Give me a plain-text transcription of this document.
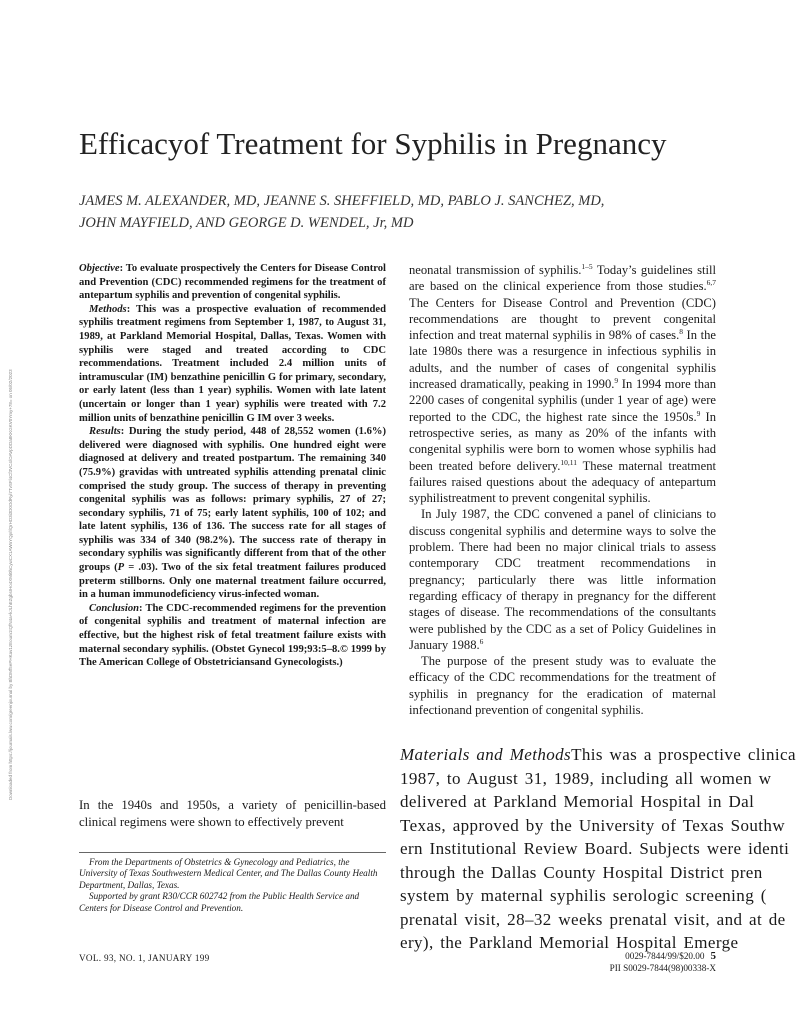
Efficacyof Treatment for Syphilis in Pregnancy
JAMES M. ALEXANDER, MD, JEANNE S. SHEFFIELD, MD, PABLO J. SANCHEZ, MD,
JOHN MAYFIELD, AND GEORGE D. WENDEL, Jr, MD
Downloaded from https://journals.lww.com/greenjournal by BhDMf5ePHKav1zEoum1tQfN4a+kJLhEZgbsIHo4XMi0hCywCX1AWnYQp/IlQrHD3i3D0OdRyi7TvSFl4Cf3VC4/OAVpDDa8KKGKV0Ymy+78= on 05/02/2023

Objective: To evaluate prospectively the Centers for Disease Control and Prevention (CDC) recommended regimens for the treatment of antepartum syphilis and prevention of congenital syphilis.

Methods: This was a prospective evaluation of recommended syphilis treatment regimens from September 1, 1987, to August 31, 1989, at Parkland Memorial Hospital, Dallas, Texas. Women with syphilis were staged and treated according to CDC recommendations. Treatment included 2.4 million units of intramuscular (IM) benzathine penicillin G for primary, secondary, or early latent (less than 1 year) syphilis. Women with late latent (uncertain or longer than 1 year) syphilis were treated with 7.2 million units of benzathine penicillin G IM over 3 weeks.

Results: During the study period, 448 of 28,552 women (1.6%) delivered were diagnosed with syphilis. One hundred eight were diagnosed at delivery and treated postpartum. The remaining 340 (75.9%) gravidas with untreated syphilis attending prenatal clinic comprised the study group. The success of therapy in preventing congenital syphilis was as follows: primary syphilis, 27 of 27; secondary syphilis, 71 of 75; early latent syphilis, 100 of 102; and late latent syphilis, 136 of 136. The success rate for all stages of syphilis was 334 of 340 (98.2%). The success rate of therapy in secondary syphilis was significantly different from that of the other groups (P = .03). Two of the six fetal treatment failures produced preterm stillborns. Only one maternal treatment failure occurred, in a human immunodeficiency virus-infected woman.

Conclusion: The CDC-recommended regimens for the prevention of congenital syphilis and treatment of maternal infection are effective, but the highest risk of fetal treatment failure exists with maternal secondary syphilis. (Obstet Gynecol 199;93:5–8.© 1999 by The American College of Obstetriciansand Gynecologists.)

In the 1940s and 1950s, a variety of penicillin-based clinical regimens were shown to effectively prevent

From the Departments of Obstetrics & Gynecology and Pediatrics, the University of Texas Southwestern Medical Center, and The Dallas County Health Department, Dallas, Texas.

Supported by grant R30/CCR 602742 from the Public Health Service and Centers for Disease Control and Prevention.

neonatal transmission of syphilis.$^{1-5}$ Today’s guidelines still are based on the clinical experience from those studies.$^{6,7}$ The Centers for Disease Control and Prevention (CDC) recommendations are thought to prevent congenital infection and treat maternal syphilis in 98% of cases.$^8$ In the late 1980s there was a resurgence in infectious syphilis in adults, and the number of cases of congenital syphilis increased dramatically, peaking in 1990.$^9$ In 1994 more than 2200 cases of congenital syphilis (under 1 year of age) were reported to the CDC, the highest rate since the 1950s.$^9$ In retrospective series, as many as 20% of the infants with congenital syphilis were born to women whose syphilis had been treated before delivery.$^{10,11}$ These maternal treatment failures raised questions about the adequacy of antepartum syphilistreatment to prevent congenital syphilis.

In July 1987, the CDC convened a panel of clinicians to discuss congenital syphilis and determine ways to solve the problem. There had been no major clinical trials to assess contemporary CDC treatment recommendations in pregnancy; particularly there was little information regarding efficacy of therapy in pregnancy for the different stages of disease. The recommendations of the consultants were published by the CDC as a set of Policy Guidelines in January 1988.$^6$

The purpose of the present study was to evaluate the efficacy of the CDC recommendations for the treatment of syphilis in pregnancy for the eradication of maternal infectionand prevention of congenital syphilis.

Materials and MethodsThis was a prospective clinica
1987, to August 31, 1989, including all women w
delivered at Parkland Memorial Hospital in Dal
Texas, approved by the University of Texas Southw
ern Institutional Review Board. Subjects were identi
through the Dallas County Hospital District pren
system by maternal syphilis serologic screening (
prenatal visit, 28–32 weeks prenatal visit, and at de
ery), the Parkland Memorial Hospital Emerge
VOL. 93, NO. 1, JANUARY 199	0029-7844/99/$20.00 5
PII S0029-7844(98)00338-X
